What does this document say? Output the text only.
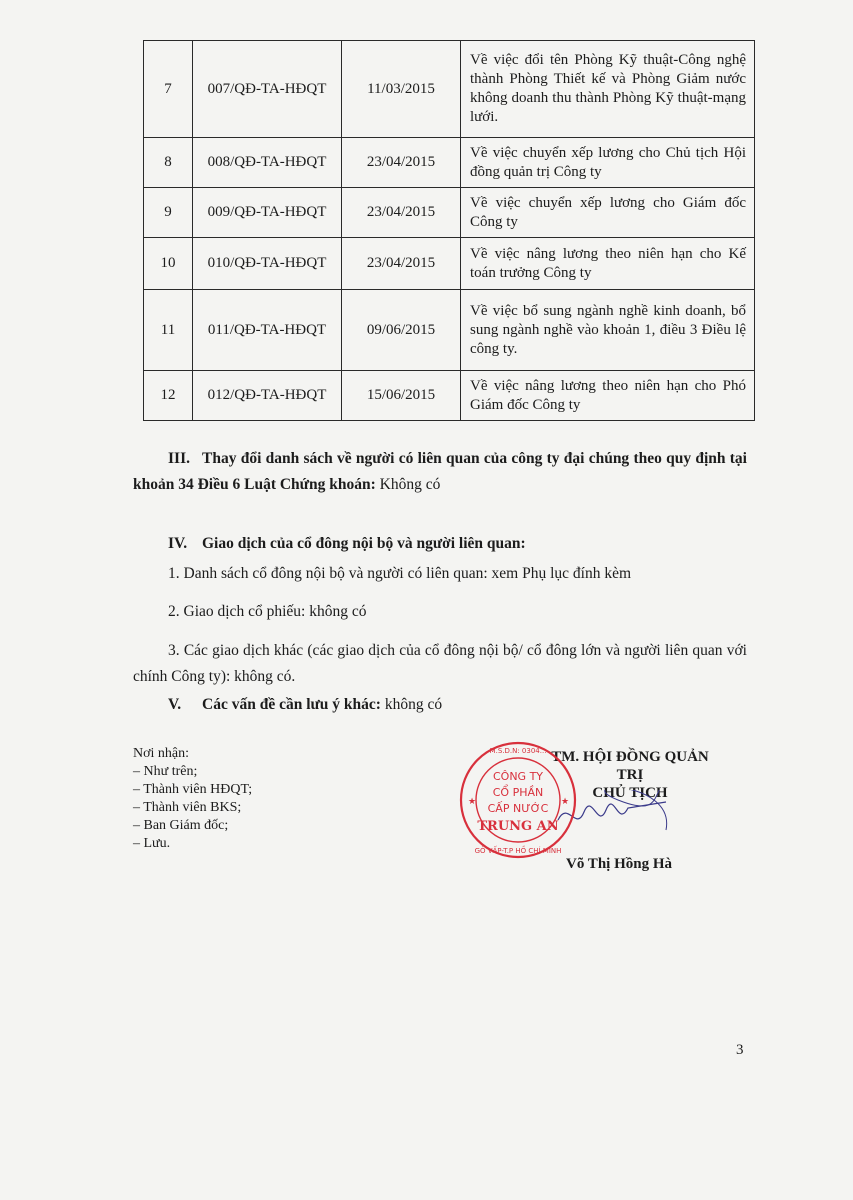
7	007/QĐ-TA-HĐQT	11/03/2015	Về việc đổi tên Phòng Kỹ thuật-Công nghệ thành Phòng Thiết kế và Phòng Giảm nước không doanh thu thành Phòng Kỹ thuật-mạng lưới.
8	008/QĐ-TA-HĐQT	23/04/2015	Về việc chuyển xếp lương cho Chủ tịch Hội đồng quản trị Công ty
9	009/QĐ-TA-HĐQT	23/04/2015	Về việc chuyển xếp lương cho Giám đốc Công ty
10	010/QĐ-TA-HĐQT	23/04/2015	Về việc nâng lương theo niên hạn cho Kế toán trưởng Công ty
11	011/QĐ-TA-HĐQT	09/06/2015	Về việc bổ sung ngành nghề kinh doanh, bổ sung ngành nghề vào khoản 1, điều 3 Điều lệ công ty.
12	012/QĐ-TA-HĐQT	15/06/2015	Về việc nâng lương theo niên hạn cho Phó Giám đốc Công ty
III. Thay đổi danh sách về người có liên quan của công ty đại chúng theo quy định tại khoản 34 Điều 6 Luật Chứng khoán: Không có
IV. Giao dịch của cổ đông nội bộ và người liên quan:
1. Danh sách cổ đông nội bộ và người có liên quan: xem Phụ lục đính kèm
2. Giao dịch cổ phiếu: không có
3. Các giao dịch khác (các giao dịch của cổ đông nội bộ/ cổ đông lớn và người liên quan với chính Công ty): không có.
V. Các vấn đề cần lưu ý khác: không có
Nơi nhận:
– Như trên;
– Thành viên HĐQT;
– Thành viên BKS;
– Ban Giám đốc;
– Lưu.
TM. HỘI ĐỒNG QUẢN TRỊ
CHỦ TỊCH
CÔNG TY
CỔ PHẦN
CẤP NƯỚC
TRUNG AN
M.S.D.N: 0304...
GÒ VẤP-T.P HỒ CHÍ MINH
★	★
Võ Thị Hồng Hà
3
